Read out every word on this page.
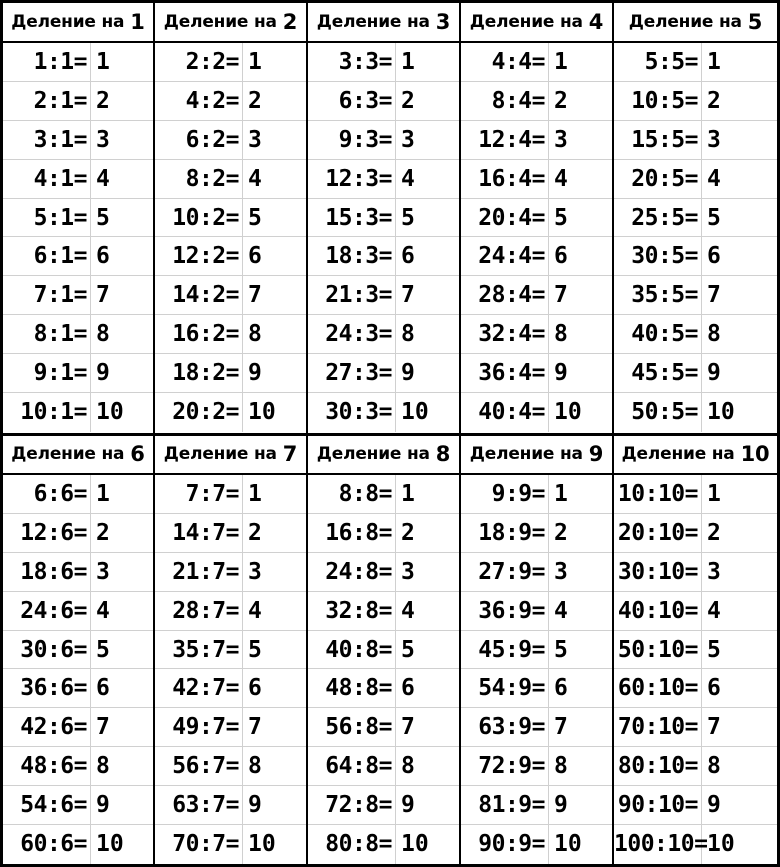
Деление на 1
1:1= 1
2:1= 2
3:1= 3
4:1= 4
5:1= 5
6:1= 6
7:1= 7
8:1= 8
9:1= 9
10:1= 10
Деление на 2
2:2= 1
4:2= 2
6:2= 3
8:2= 4
10:2= 5
12:2= 6
14:2= 7
16:2= 8
18:2= 9
20:2= 10
Деление на 3
3:3= 1
6:3= 2
9:3= 3
12:3= 4
15:3= 5
18:3= 6
21:3= 7
24:3= 8
27:3= 9
30:3= 10
Деление на 4
4:4= 1
8:4= 2
12:4= 3
16:4= 4
20:4= 5
24:4= 6
28:4= 7
32:4= 8
36:4= 9
40:4= 10
Деление на 5
5:5= 1
10:5= 2
15:5= 3
20:5= 4
25:5= 5
30:5= 6
35:5= 7
40:5= 8
45:5= 9
50:5= 10
Деление на 6
6:6= 1
12:6= 2
18:6= 3
24:6= 4
30:6= 5
36:6= 6
42:6= 7
48:6= 8
54:6= 9
60:6= 10
Деление на 7
7:7= 1
14:7= 2
21:7= 3
28:7= 4
35:7= 5
42:7= 6
49:7= 7
56:7= 8
63:7= 9
70:7= 10
Деление на 8
8:8= 1
16:8= 2
24:8= 3
32:8= 4
40:8= 5
48:8= 6
56:8= 7
64:8= 8
72:8= 9
80:8= 10
Деление на 9
9:9= 1
18:9= 2
27:9= 3
36:9= 4
45:9= 5
54:9= 6
63:9= 7
72:9= 8
81:9= 9
90:9= 10
Деление на 10
10:10= 1
20:10= 2
30:10= 3
40:10= 4
50:10= 5
60:10= 6
70:10= 7
80:10= 8
90:10= 9
100:10= 10
